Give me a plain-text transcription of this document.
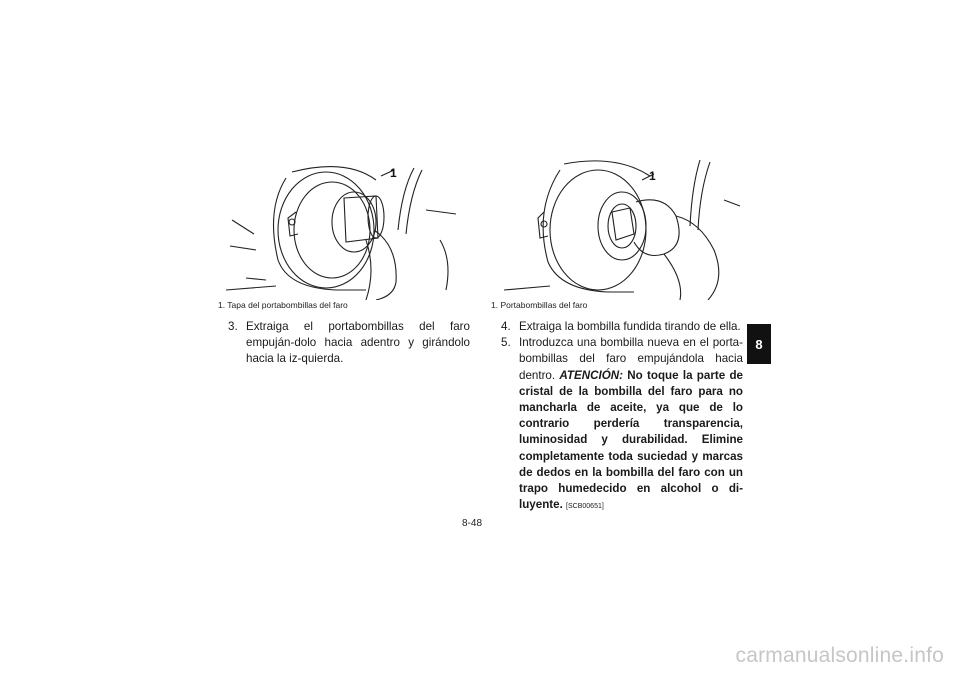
1
1. Tapa del portabombillas del faro
1
1. Portabombillas del faro
3. Extraiga el portabombillas del faro empuján-dolo hacia adentro y girándolo hacia la iz-quierda.
4. Extraiga la bombilla fundida tirando de ella.
5. Introduzca una bombilla nueva en el porta-bombillas del faro empujándola hacia dentro. ATENCIÓN: No toque la parte de cristal de la bombilla del faro para no mancharla de aceite, ya que de lo contrario perdería transparencia, luminosidad y durabilidad. Elimine completamente toda suciedad y marcas de dedos en la bombilla del faro con un trapo humedecido en alcohol o di-luyente. [SCB00651]
8
8-48
carmanualsonline.info
